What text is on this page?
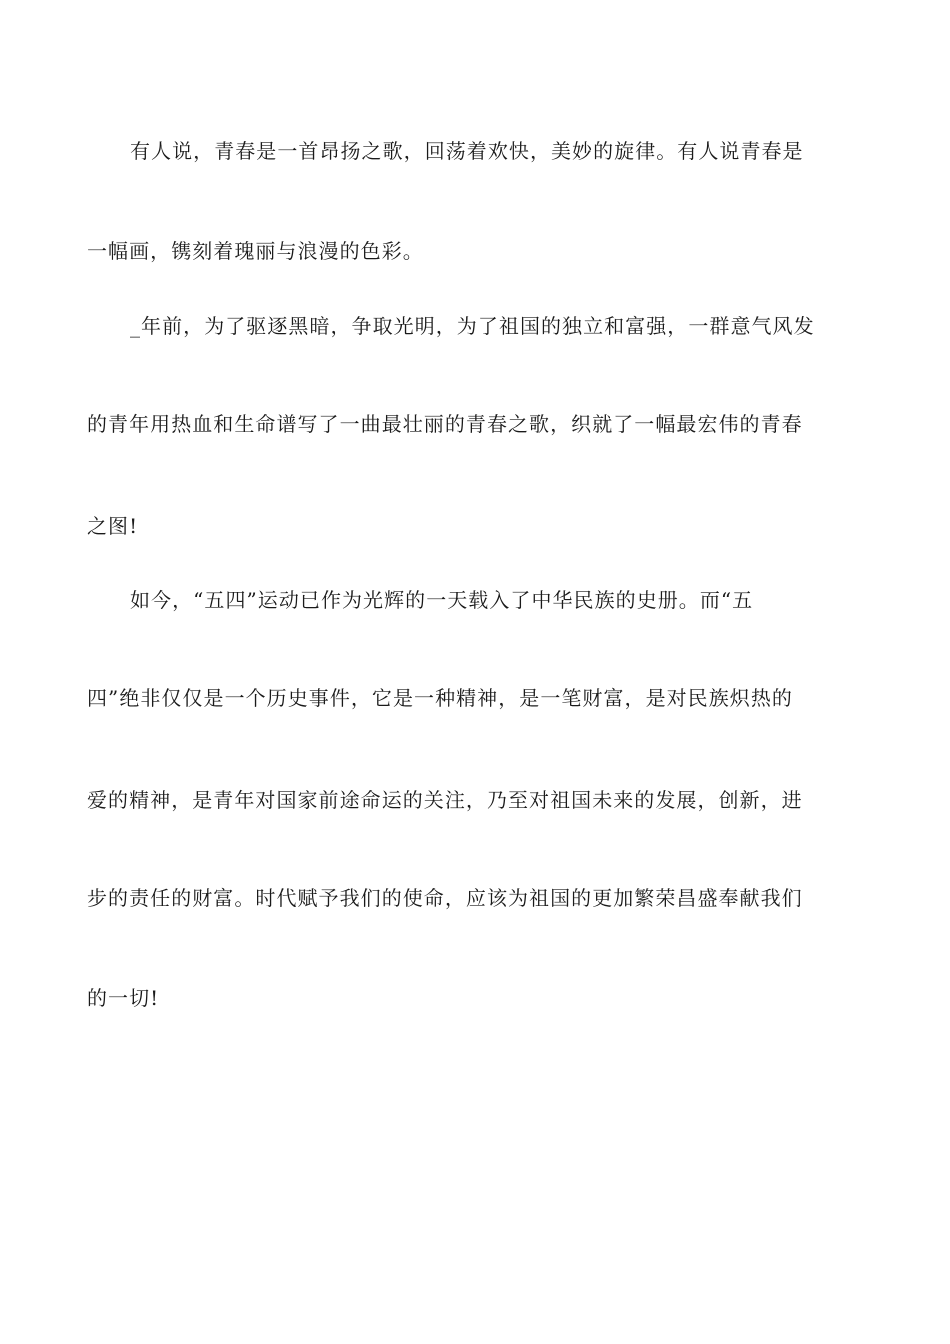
有人说，青春是一首昂扬之歌，回荡着欢快，美妙的旋律。有人说青春是
一幅画，镌刻着瑰丽与浪漫的色彩。
_年前，为了驱逐黑暗，争取光明，为了祖国的独立和富强，一群意气风发
的青年用热血和生命谱写了一曲最壮丽的青春之歌，织就了一幅最宏伟的青春
之图!
如今，“五四”运动已作为光辉的一天载入了中华民族的史册。而“五
四”绝非仅仅是一个历史事件，它是一种精神，是一笔财富，是对民族炽热的
爱的精神，是青年对国家前途命运的关注，乃至对祖国未来的发展，创新，进
步的责任的财富。时代赋予我们的使命，应该为祖国的更加繁荣昌盛奉献我们
的一切!
